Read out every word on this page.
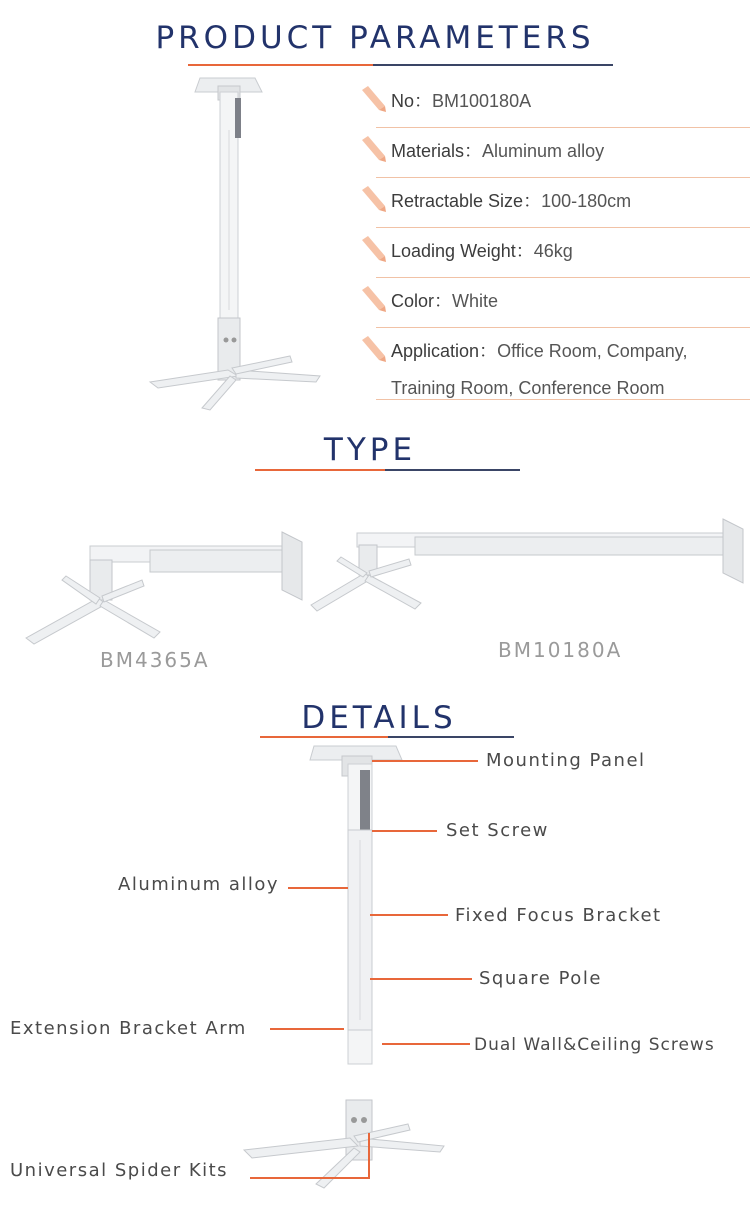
PRODUCT PARAMETERS
No：BM100180A
Materials：Aluminum alloy
Retractable Size：100-180cm
Loading Weight：46kg
Color：White
Application：Office Room, Company,
Training Room, Conference Room
TYPE
BM4365A	BM10180A
DETAILS
Mounting Panel
Set Screw
Aluminum alloy
Fixed Focus Bracket
Square Pole
Extension Bracket Arm
Dual Wall&Ceiling Screws
Universal Spider Kits
